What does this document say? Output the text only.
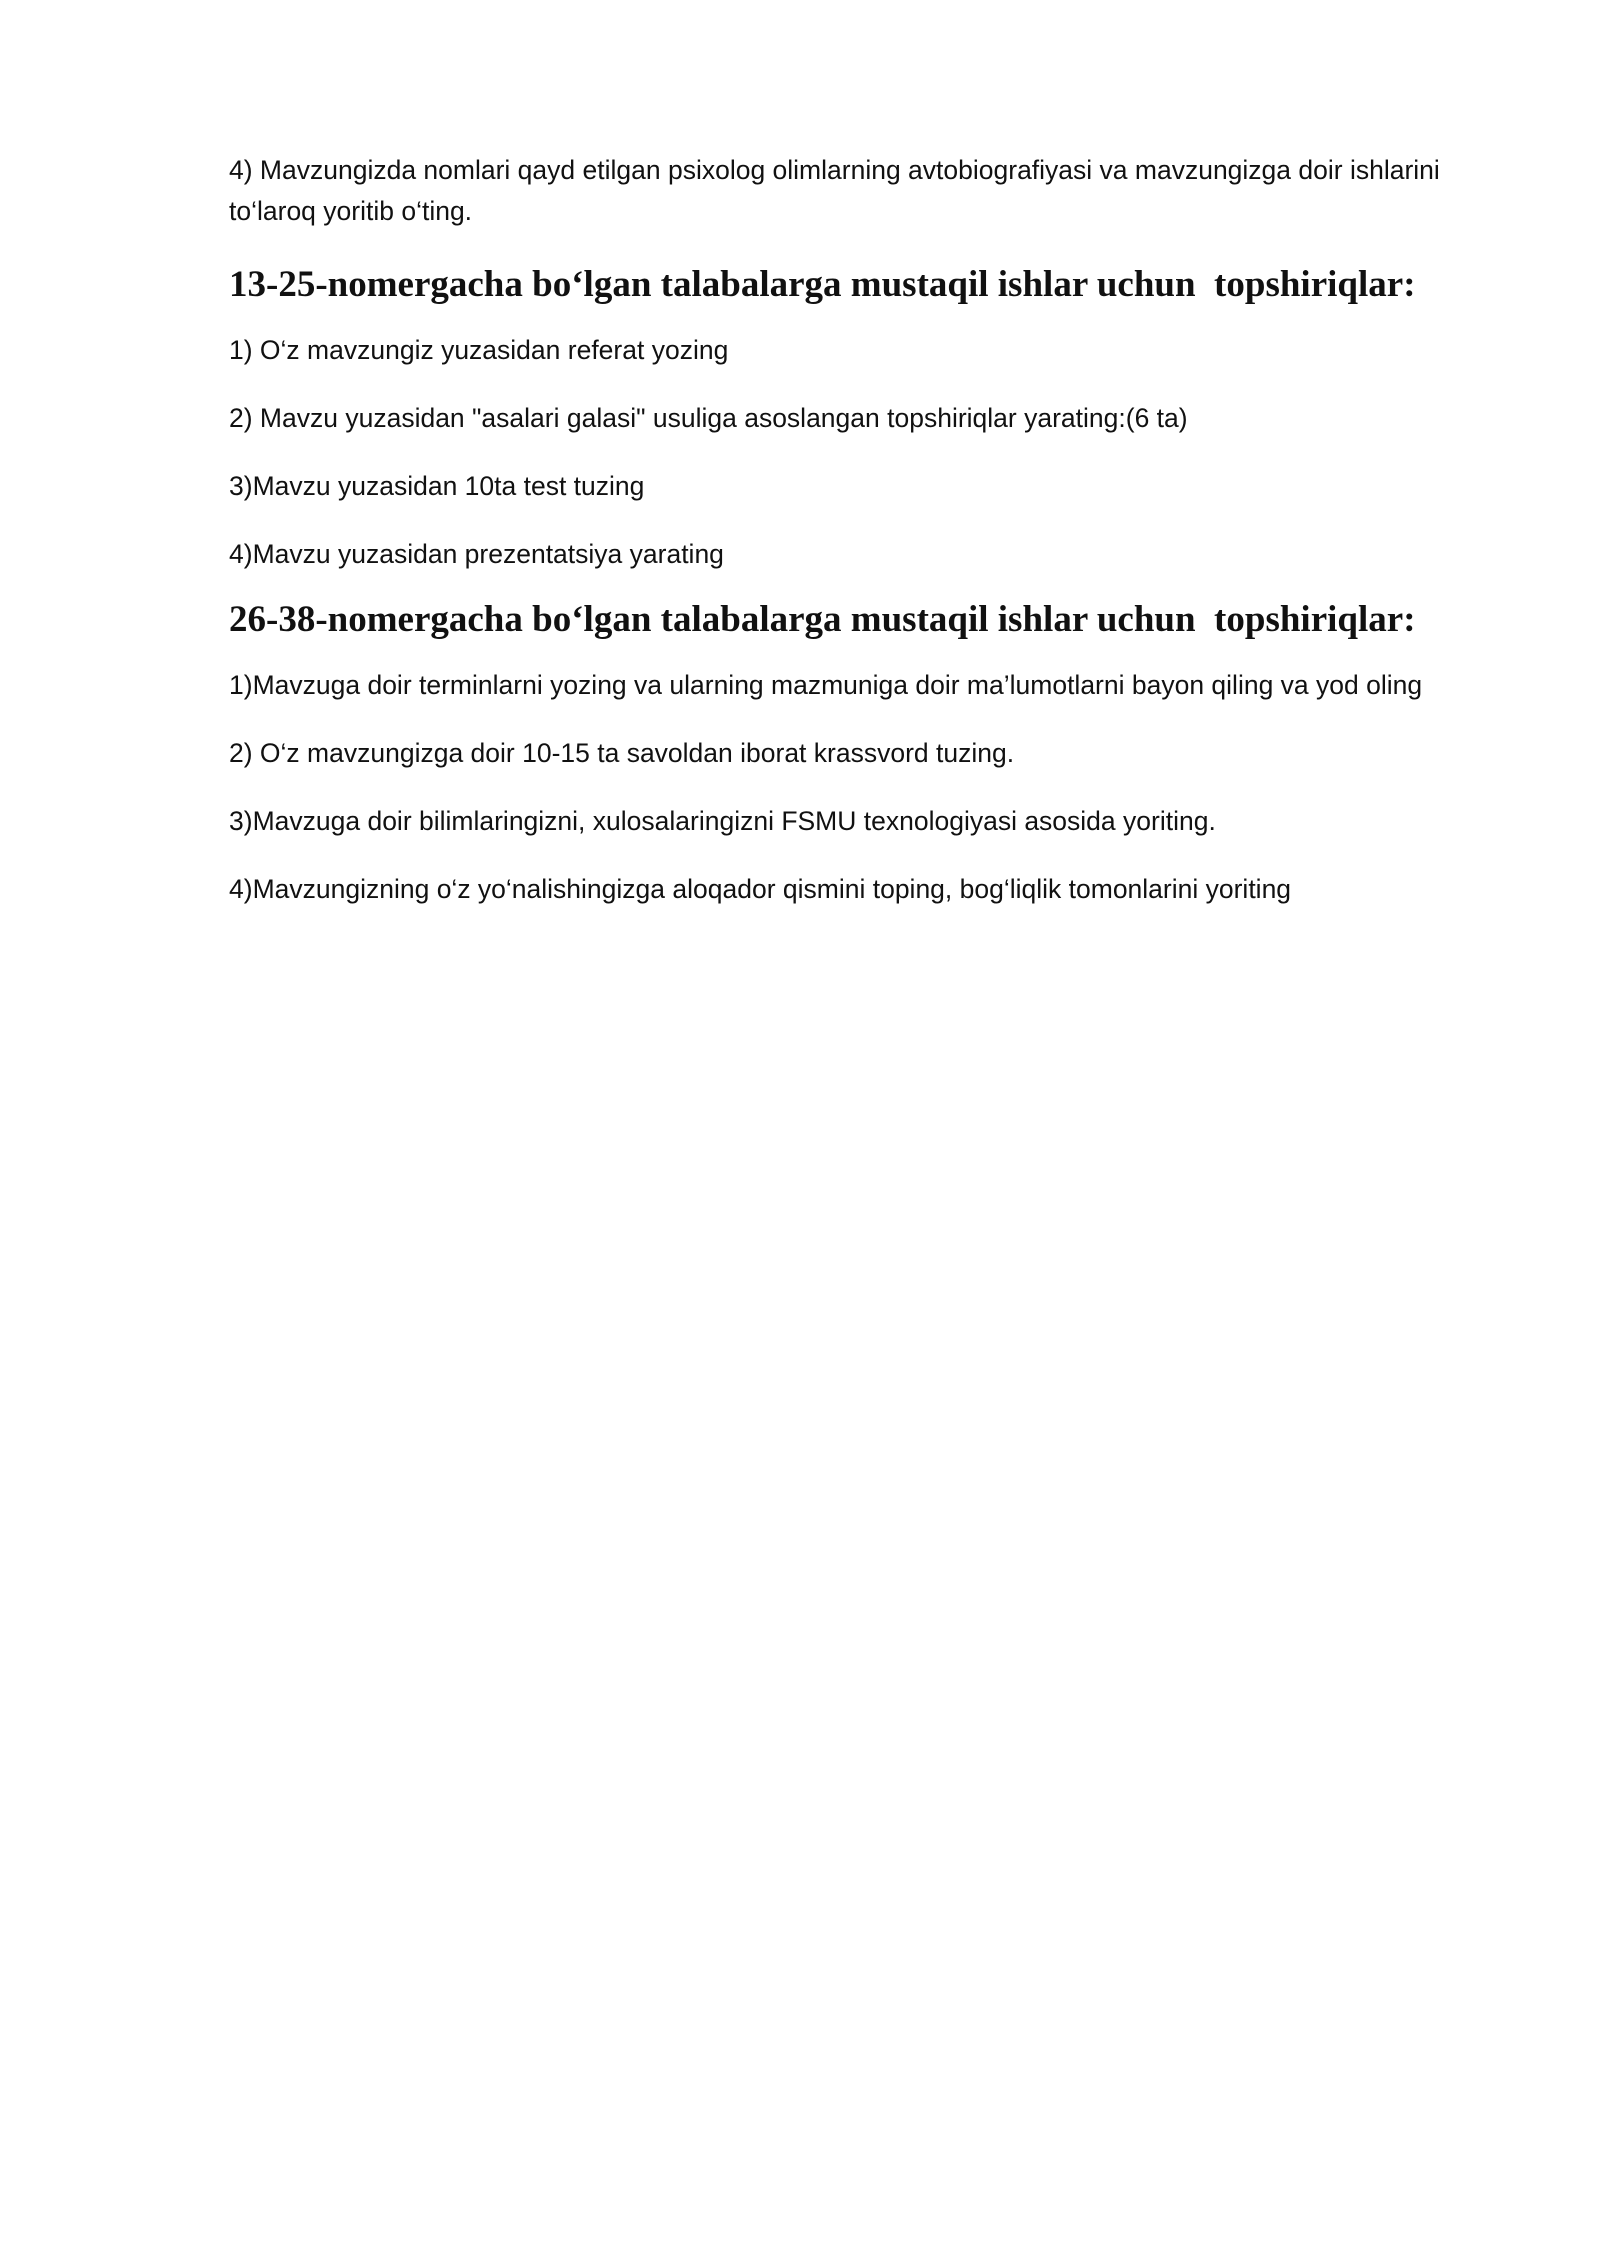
4) Mavzungizda nomlari qayd etilgan psixolog olimlarning avtobiografiyasi va mavzungizga doir ishlarini to‘laroq yoritib o‘ting.

13-25-nomergacha bo‘lgan talabalarga mustaqil ishlar uchun  topshiriqlar:

1) O‘z mavzungiz yuzasidan referat yozing

2) Mavzu yuzasidan "asalari galasi" usuliga asoslangan topshiriqlar yarating:(6 ta)

3)Mavzu yuzasidan 10ta test tuzing

4)Mavzu yuzasidan prezentatsiya yarating

26-38-nomergacha bo‘lgan talabalarga mustaqil ishlar uchun  topshiriqlar:

1)Mavzuga doir terminlarni yozing va ularning mazmuniga doir ma’lumotlarni bayon qiling va yod oling

2) O‘z mavzungizga doir 10-15 ta savoldan iborat krassvord tuzing.

3)Mavzuga doir bilimlaringizni, xulosalaringizni FSMU texnologiyasi asosida yoriting.

4)Mavzungizning o‘z yo‘nalishingizga aloqador qismini toping, bog‘liqlik tomonlarini yoriting
